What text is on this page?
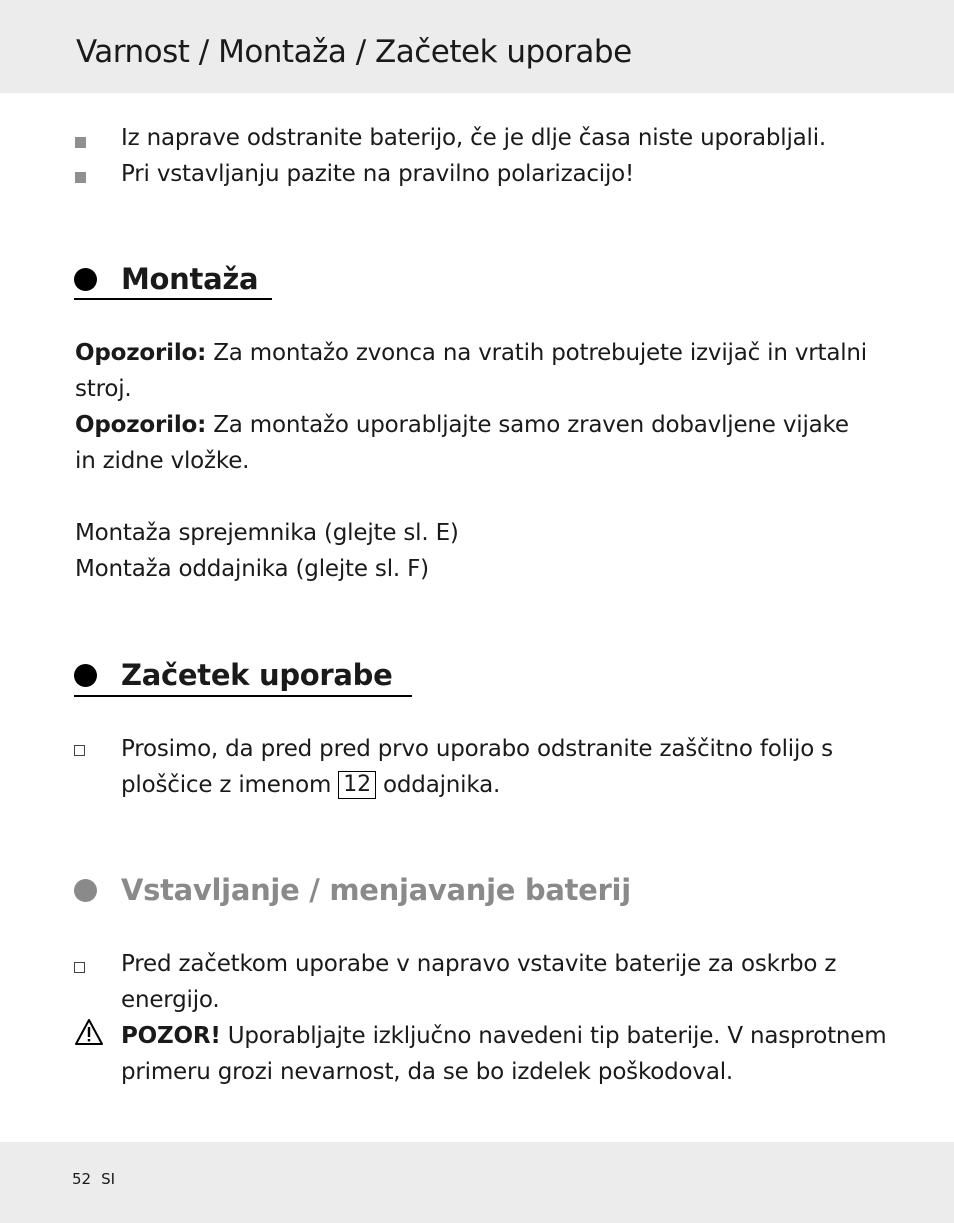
Varnost / Montaža / Začetek uporabe
Iz naprave odstranite baterijo, če je dlje časa niste uporabljali.
Pri vstavljanju pazite na pravilno polarizacijo!
Montaža
Opozorilo: Za montažo zvonca na vratih potrebujete izvijač in vrtalni
stroj.
Opozorilo: Za montažo uporabljajte samo zraven dobavljene vijake
in zidne vložke.
Montaža sprejemnika (glejte sl. E)
Montaža oddajnika (glejte sl. F)
Začetek uporabe
Prosimo, da pred pred prvo uporabo odstranite zaščitno folijo s
ploščice z imenom 12 oddajnika.
Vstavljanje / menjavanje baterij
Pred začetkom uporabe v napravo vstavite baterije za oskrbo z
energijo.
POZOR! Uporabljajte izključno navedeni tip baterije. V nasprotnem
primeru grozi nevarnost, da se bo izdelek poškodoval.
52 SI
